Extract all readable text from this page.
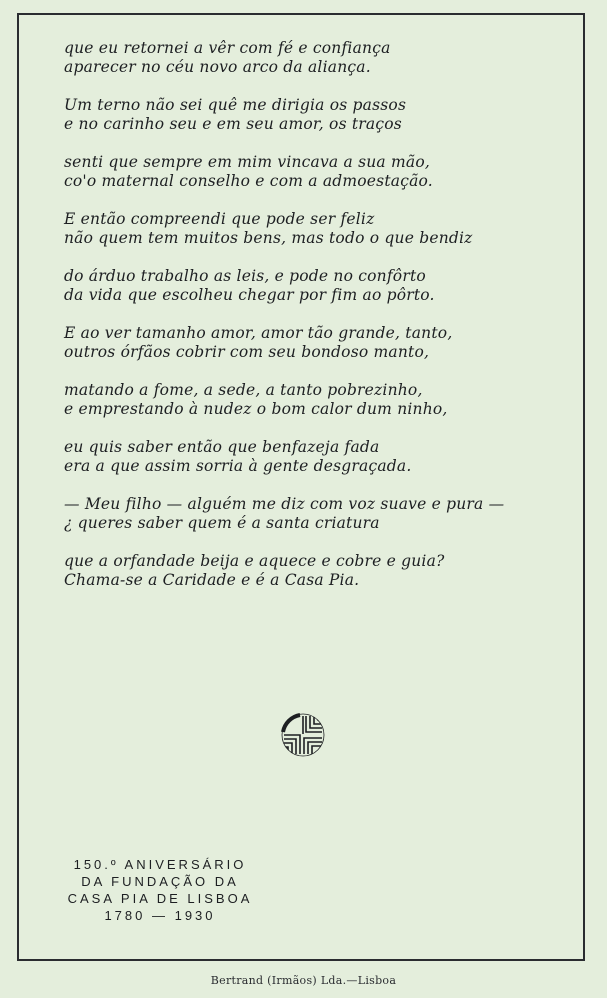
que eu retornei a vêr com fé e confiança
aparecer no céu novo arco da aliança.
Um terno não sei quê me dirigia os passos
e no carinho seu e em seu amor, os traços
senti que sempre em mim vincava a sua mão,
co'o maternal conselho e com a admoestação.
E então compreendi que pode ser feliz
não quem tem muitos bens, mas todo o que bendiz
do árduo trabalho as leis, e pode no confôrto
da vida que escolheu chegar por fim ao pôrto.
E ao ver tamanho amor, amor tão grande, tanto,
outros órfãos cobrir com seu bondoso manto,
matando a fome, a sede, a tanto pobrezinho,
e emprestando à nudez o bom calor dum ninho,
eu quis saber então que benfazeja fada
era a que assim sorria à gente desgraçada.
— Meu filho — alguém me diz com voz suave e pura —
¿ queres saber quem é a santa criatura
que a orfandade beija e aquece e cobre e guia?
Chama-se a Caridade e é a Casa Pia.
150.º ANIVERSÁRIO
DA FUNDAÇÃO DA
CASA PIA DE LISBOA
1780 — 1930
Bertrand (Irmãos) Lda.—Lisboa
